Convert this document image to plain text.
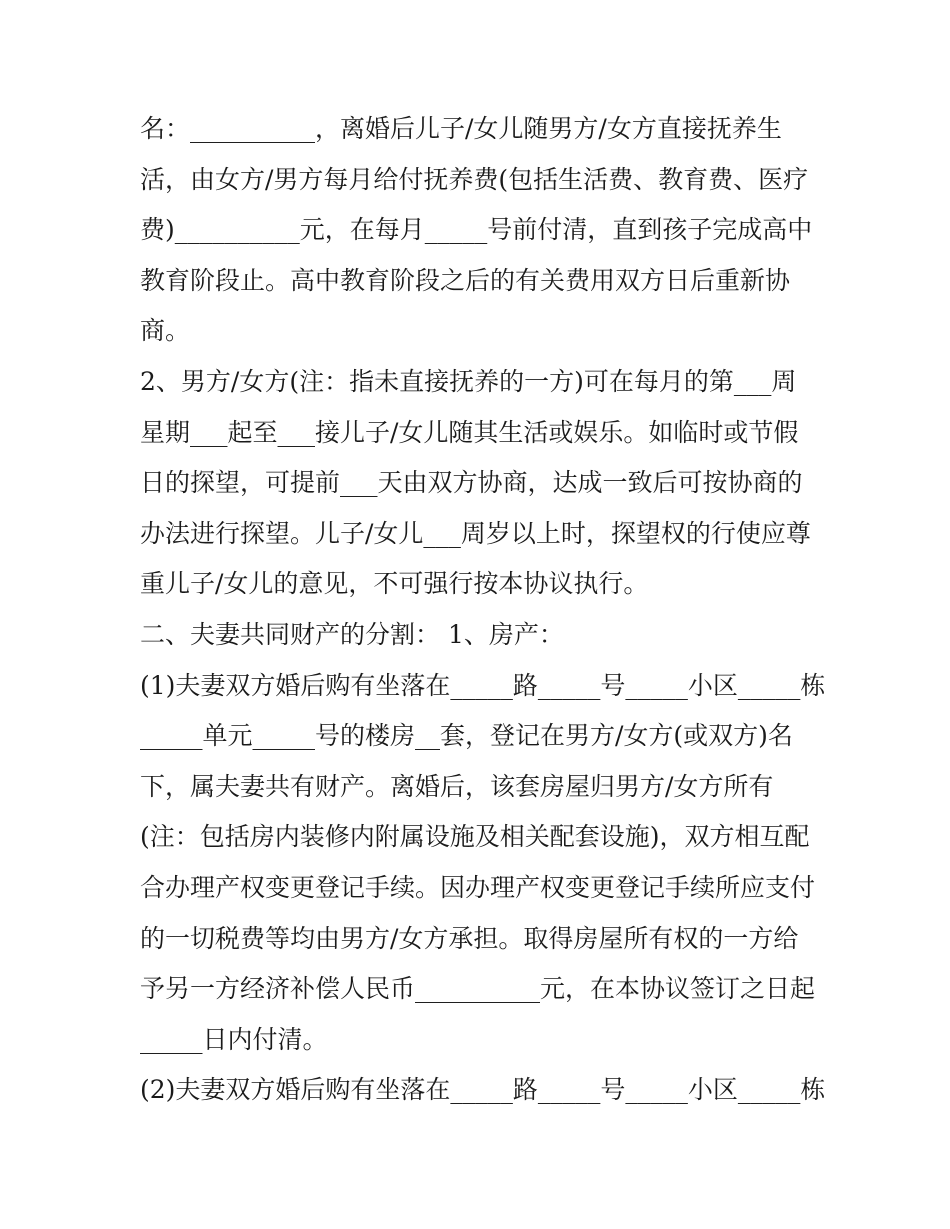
名：__________，离婚后儿子/女儿随男方/女方直接抚养生
活，由女方/男方每月给付抚养费(包括生活费、教育费、医疗
费)__________元，在每月_____号前付清，直到孩子完成高中
教育阶段止。高中教育阶段之后的有关费用双方日后重新协
商。
2、男方/女方(注：指未直接抚养的一方)可在每月的第___周
星期___起至___接儿子/女儿随其生活或娱乐。如临时或节假
日的探望，可提前___天由双方协商，达成一致后可按协商的
办法进行探望。儿子/女儿___周岁以上时，探望权的行使应尊
重儿子/女儿的意见，不可强行按本协议执行。
二、夫妻共同财产的分割： 1、房产：
(1)夫妻双方婚后购有坐落在_____路_____号_____小区_____栋
_____单元_____号的楼房__套，登记在男方/女方(或双方)名
下，属夫妻共有财产。离婚后，该套房屋归男方/女方所有
(注：包括房内装修内附属设施及相关配套设施)，双方相互配
合办理产权变更登记手续。因办理产权变更登记手续所应支付
的一切税费等均由男方/女方承担。取得房屋所有权的一方给
予另一方经济补偿人民币__________元，在本协议签订之日起
_____日内付清。
(2)夫妻双方婚后购有坐落在_____路_____号_____小区_____栋
